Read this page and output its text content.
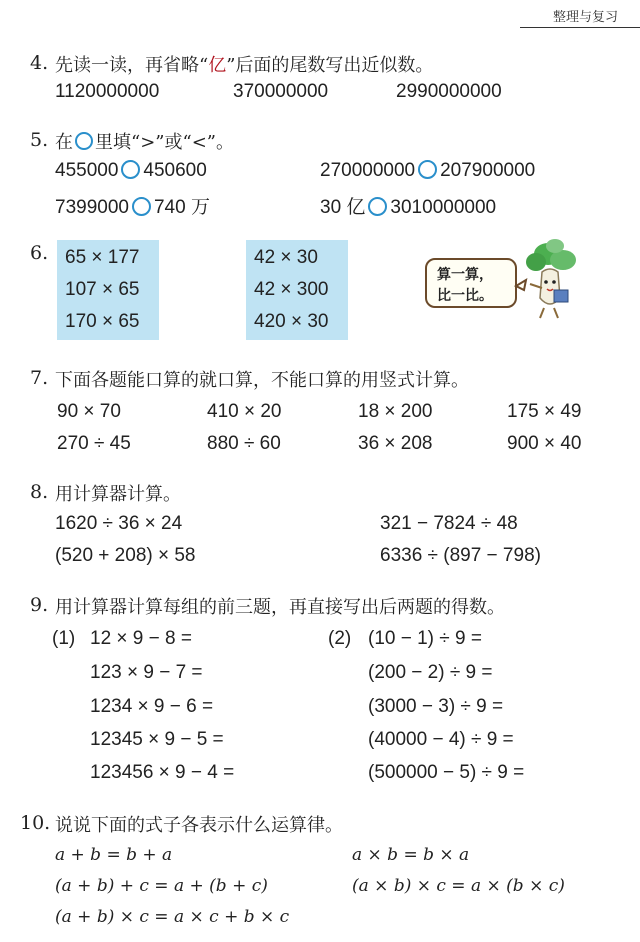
整理与复习
4. 先读一读，再省略“亿”后面的尾数写出近似数。
1120000000	370000000	2990000000
5. 在 里填“>”或“<”。
455000 450600	270000000 207900000
7399000 740 万	30 亿 3010000000
6. 65 × 177
107 × 65
170 × 65
42 × 30
42 × 300
420 × 30
算一算，
比一比。
7. 下面各题能口算的就口算，不能口算的用竖式计算。
90 × 70	410 × 20	18 × 200	175 × 49
270 ÷ 45	880 ÷ 60	36 × 208	900 × 40
8. 用计算器计算。
1620 ÷ 36 × 24	321 − 7824 ÷ 48
(520 + 208) × 58	6336 ÷ (897 − 798)
9. 用计算器计算每组的前三题，再直接写出后两题的得数。
(1) 12 × 9 − 8 =
123 × 9 − 7 =
1234 × 9 − 6 =
12345 × 9 − 5 =
123456 × 9 − 4 =
(2) (10 − 1) ÷ 9 =
(200 − 2) ÷ 9 =
(3000 − 3) ÷ 9 =
(40000 − 4) ÷ 9 =
(500000 − 5) ÷ 9 =
10. 说说下面的式子各表示什么运算律。
a + b = b + a	a × b = b × a
(a + b) + c = a + (b + c)	(a × b) × c = a × (b × c)
(a + b) × c = a × c + b × c
